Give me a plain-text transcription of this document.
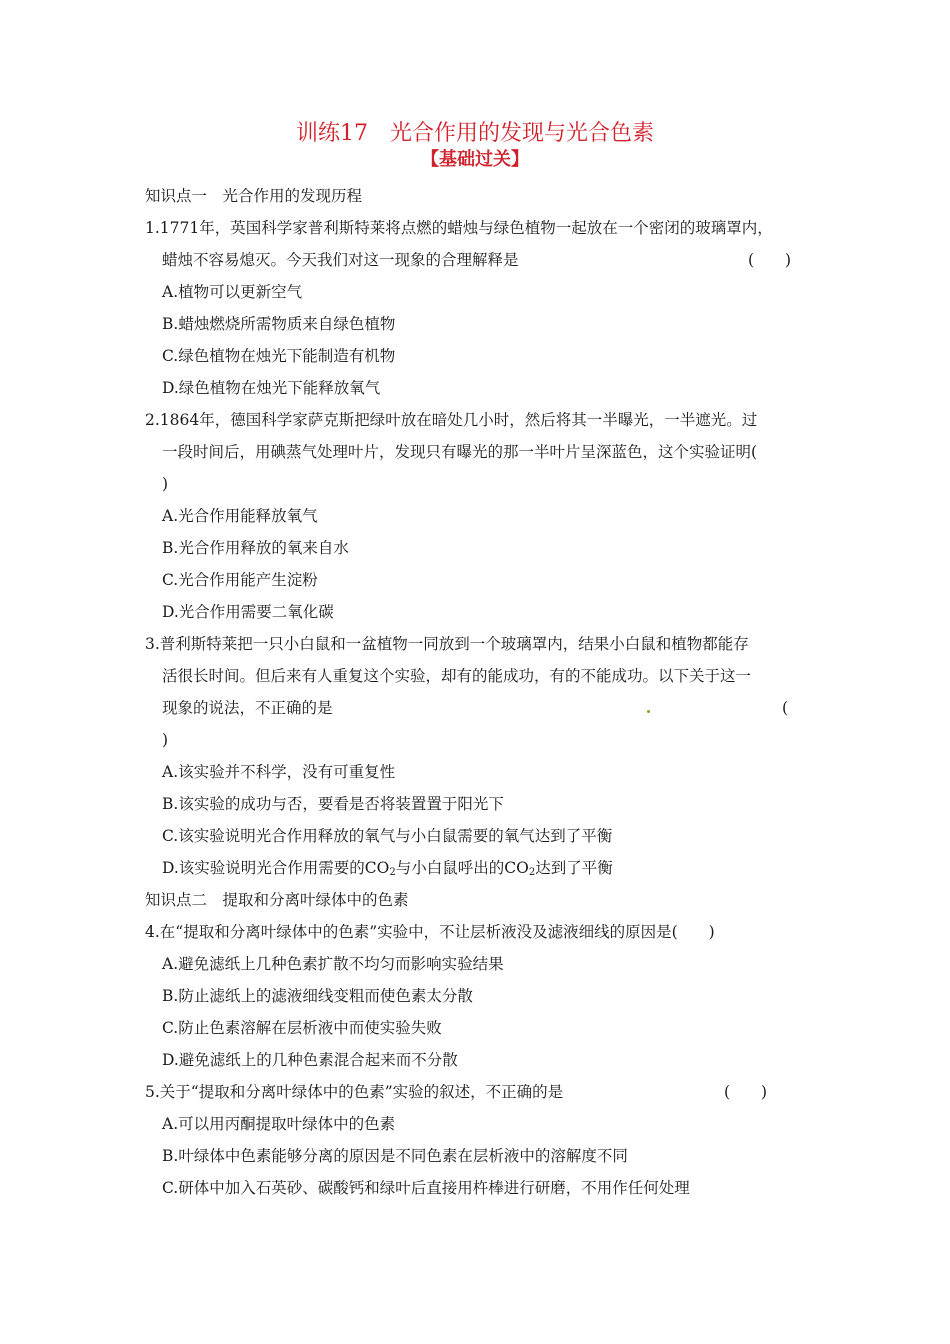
训练17　光合作用的发现与光合色素
【基础过关】
知识点一　光合作用的发现历程
1.1771年，英国科学家普利斯特莱将点燃的蜡烛与绿色植物一起放在一个密闭的玻璃罩内，
蜡烛不容易熄灭。今天我们对这一现象的合理解释是	(　　)
A.植物可以更新空气
B.蜡烛燃烧所需物质来自绿色植物
C.绿色植物在烛光下能制造有机物
D.绿色植物在烛光下能释放氧气
2.1864年，德国科学家萨克斯把绿叶放在暗处几小时，然后将其一半曝光，一半遮光。过
一段时间后，用碘蒸气处理叶片，发现只有曝光的那一半叶片呈深蓝色，这个实验证明(
)
A.光合作用能释放氧气
B.光合作用释放的氧来自水
C.光合作用能产生淀粉
D.光合作用需要二氧化碳
3.普利斯特莱把一只小白鼠和一盆植物一同放到一个玻璃罩内，结果小白鼠和植物都能存
活很长时间。但后来有人重复这个实验，却有的能成功，有的不能成功。以下关于这一
现象的说法，不正确的是	(
)
A.该实验并不科学，没有可重复性
B.该实验的成功与否，要看是否将装置置于阳光下
C.该实验说明光合作用释放的氧气与小白鼠需要的氧气达到了平衡
D.该实验说明光合作用需要的$CO_2$与小白鼠呼出的$CO_2$达到了平衡
知识点二　提取和分离叶绿体中的色素
4.在“提取和分离叶绿体中的色素”实验中，不让层析液没及滤液细线的原因是(　　)
A.避免滤纸上几种色素扩散不均匀而影响实验结果
B.防止滤纸上的滤液细线变粗而使色素太分散
C.防止色素溶解在层析液中而使实验失败
D.避免滤纸上的几种色素混合起来而不分散
5.关于“提取和分离叶绿体中的色素”实验的叙述，不正确的是	(　　)
A.可以用丙酮提取叶绿体中的色素
B.叶绿体中色素能够分离的原因是不同色素在层析液中的溶解度不同
C.研体中加入石英砂、碳酸钙和绿叶后直接用杵棒进行研磨，不用作任何处理
